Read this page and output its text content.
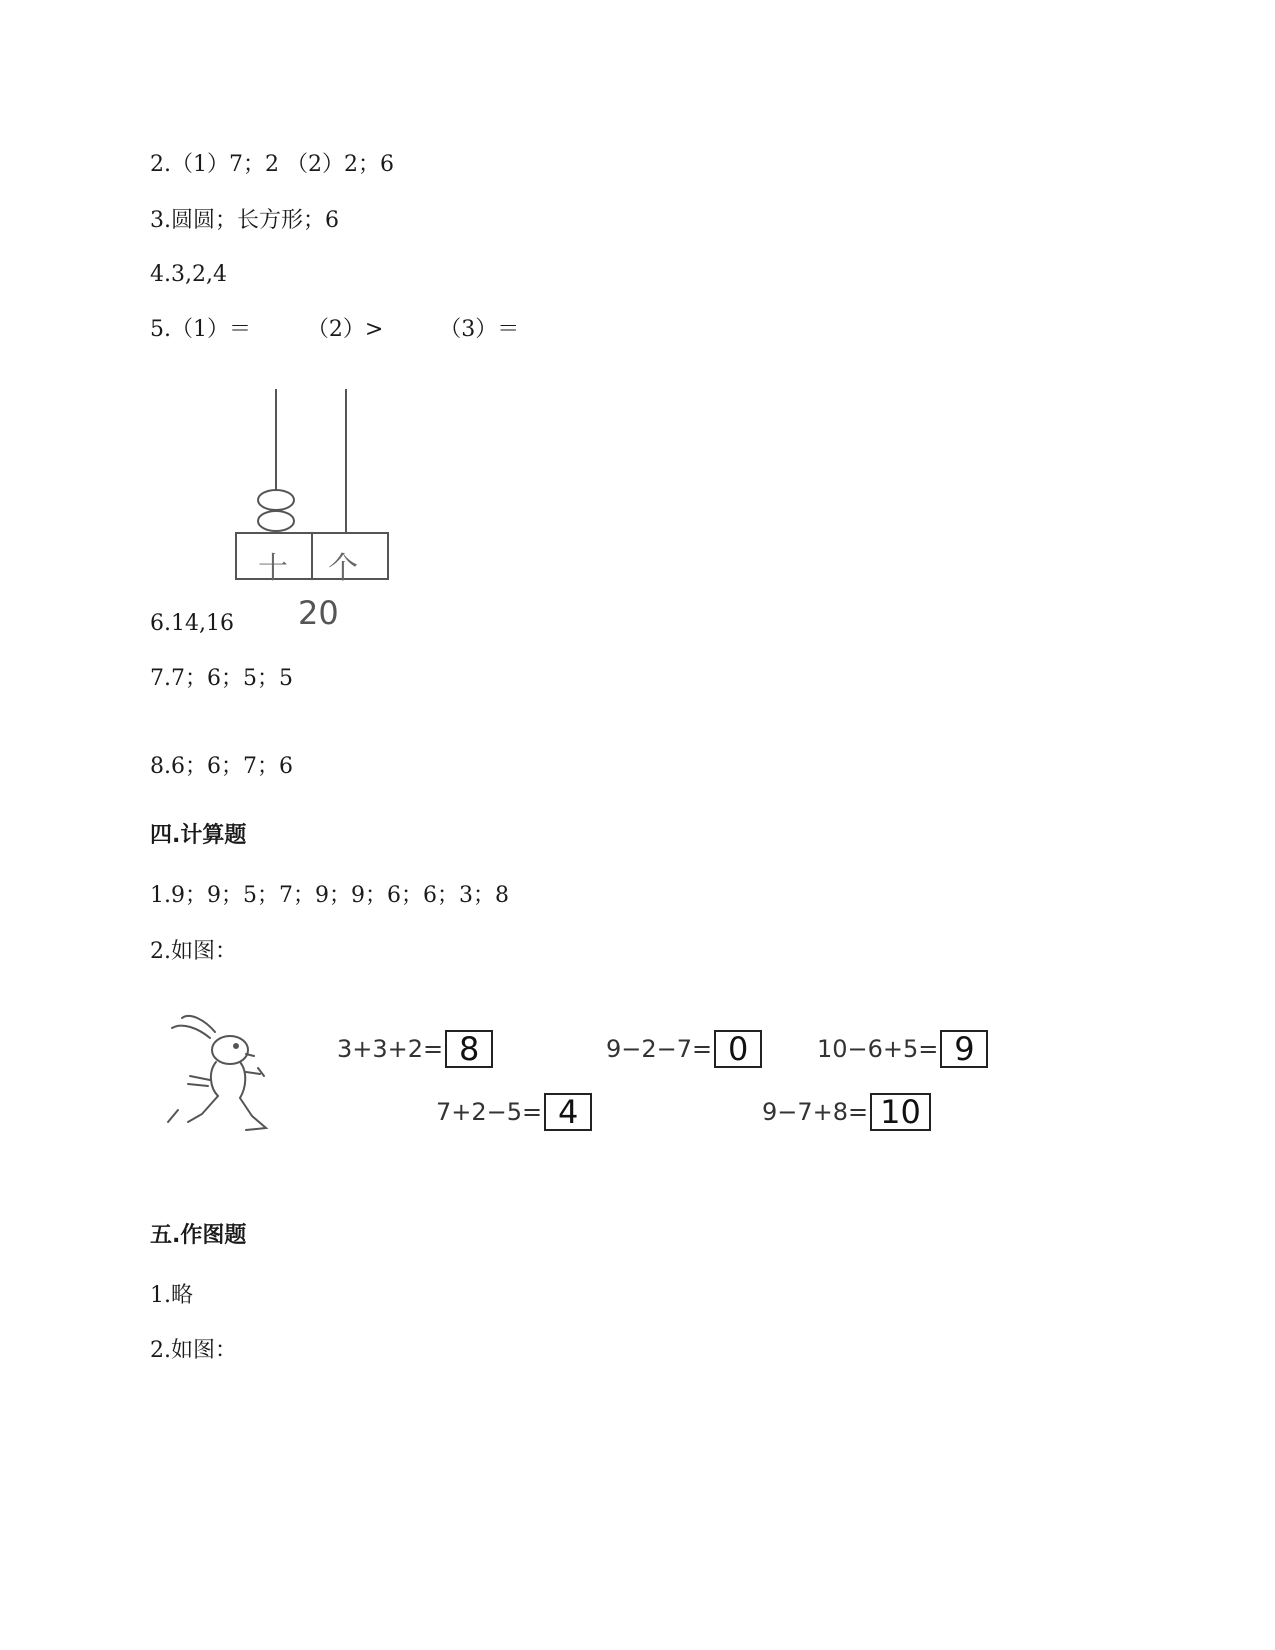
2.（1）7；2 （2）2；6
3.圆圆；长方形；6
4.3,2,4
5.（1）＝        （2）>        （3）＝
十 个
20
6.14,16
7.7；6；5；5
8.6；6；7；6
四.计算题
1.9；9；5；7；9；9；6；6；3；8
2.如图：
3+3+2= 8	9−2−7= 0	10−6+5= 9
7+2−5= 4	9−7+8= 10
五.作图题
1.略
2.如图：
